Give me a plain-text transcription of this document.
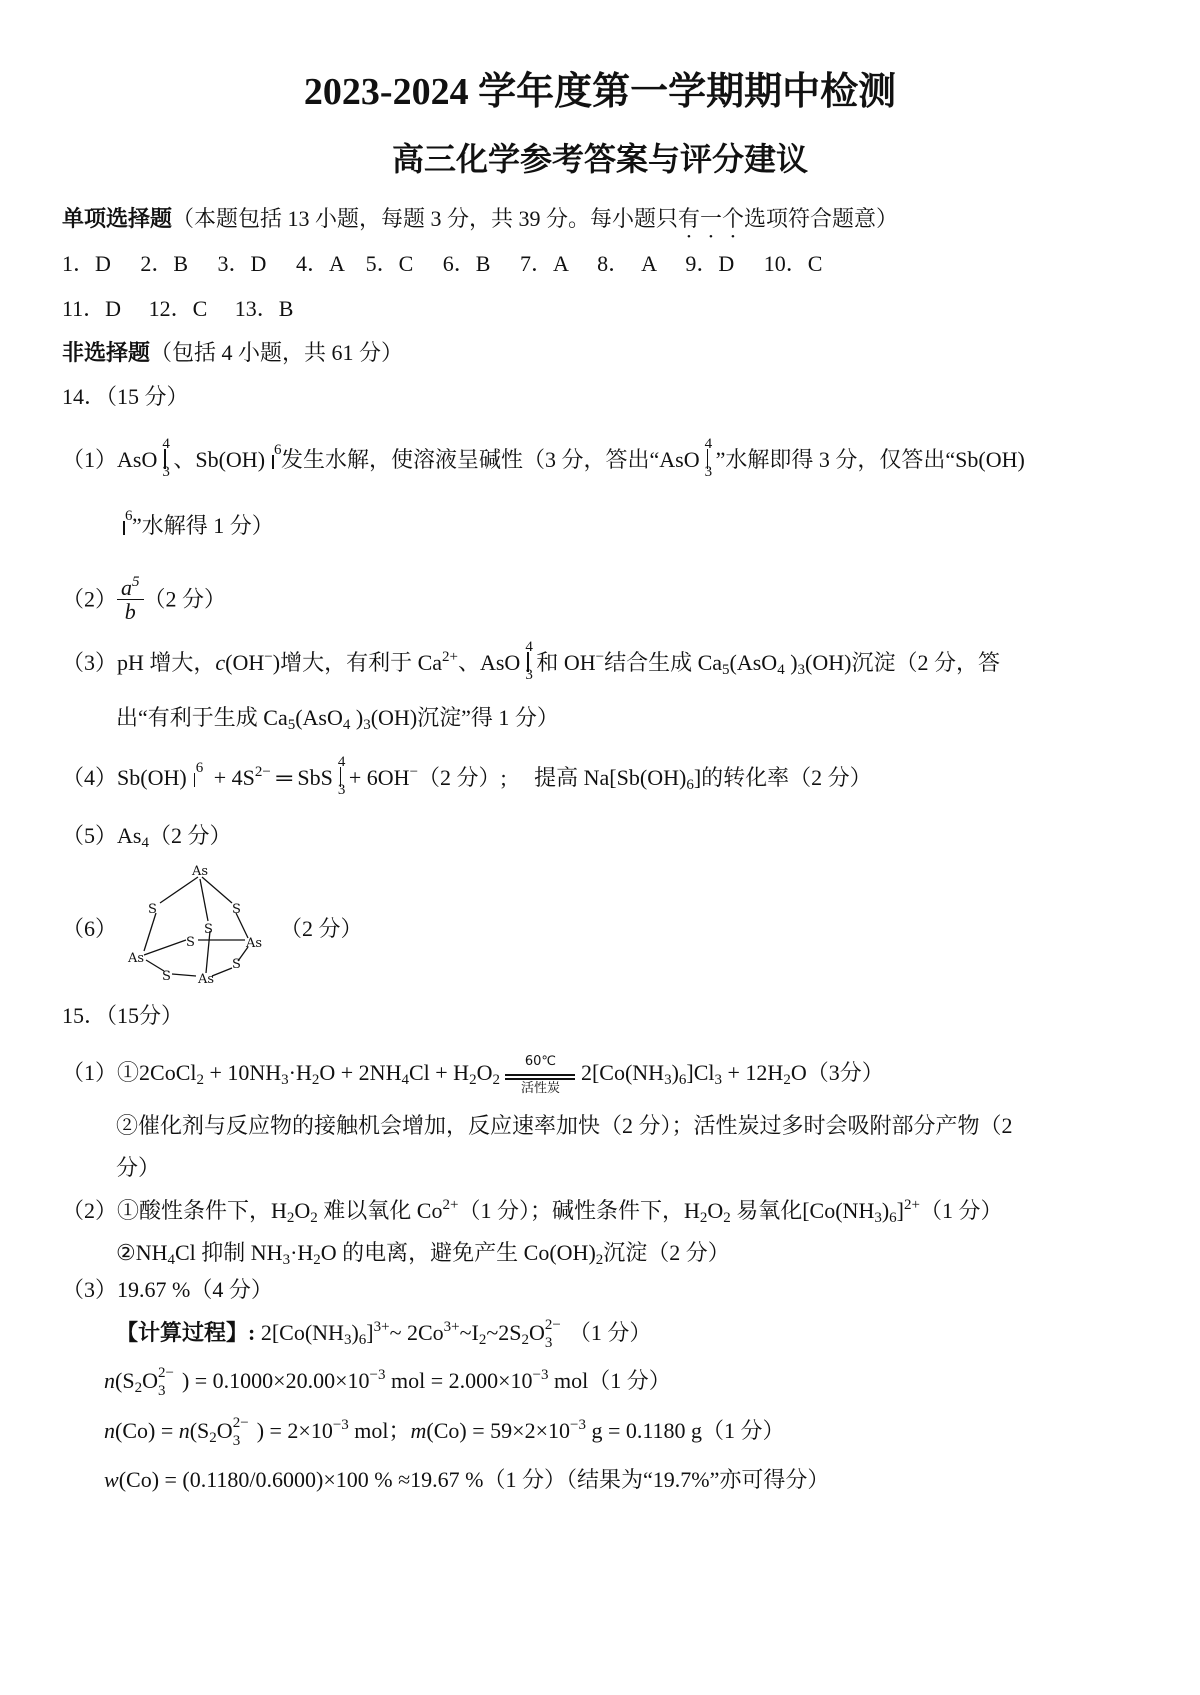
2023-2024 学年度第一学期期中检测
高三化学参考答案与评分建议
单项选择题（本题包括 13 小题，每题 3 分，共 39 分。每小题只有一个选项符合题意）
1．D　 2．B　 3．D　 4．A　5．C　 6．B　 7．A　 8．　A　 9．D　 10．C
11．D　 12．C　 13．B
非选择题（包括 4 小题，共 61 分）
14．（15 分）
（1）AsO
4
3 、Sb(OH) 6 发生水解，使溶液呈碱性（3 分，答出“AsO
4
3 ”水解即得 3 分，仅答出“Sb(OH)
6 ”水解得 1 分）
$(2) \frac{a^5}{b} (2$ 分）
（3）pH 增大，c(OH−)增大，有利于 $Ca^{2+}$、AsO
4
3 和 OH−结合生成 $Ca_5(AsO_4$ )$_3(OH)$沉淀（2 分，答
出“有利于生成 $Ca_5(AsO_4$ )$_3(OH)$沉淀”得 1 分）
（4）Sb(OH) $6 + 4S^{2-}$ ═ SbS
4
3 + 6OH−（2 分）; 提高 $Na[Sb(OH)_6]$的转化率（2 分）
$(5)As_4(2$ 分）
（6）
As
S	S
S
S	As
As	S
S As
（2 分）
15．（15分）
（1）①2CoCl$_2$ + $10NH_3\cdot H_2O + 2NH_4Cl + H_2O_2$
60℃
活性炭
$2[Co(NH_3)_6]Cl_3 + 12H_2O(3$分）
②催化剂与反应物的接触机会增加，反应速率加快（2 分）；活性炭过多时会吸附部分产物（2
分）
（2）①酸性条件下，$H_2O_2$ 难以氧化 $Co^{2+}(1$ 分）；碱性条件下，$H_2O_2$ 易氧化$[Co(NH_3)_6]^{2+}(1$ 分）
$②NH_4Cl$ 抑制 $NH_3\cdot H_2O$ 的电离，避免产生 $Co(OH)_2$沉淀（2 分）
（3）19.67 %（4 分）
【计算过程】: $2[Co(NH_3)_6]^{3+}\sim$ $2Co^{3+}\sim I_2\sim 2S_2O$ 2−
3 （1 分）
$n(S_2O$ 2−
3 ) = $0.1000\times 20.00\times 10^{-3}$ mol = $2.000\times 10^{-3}$ mol（1 分）
$n(Co) = n(S_2O$ 2−
3 ) = $2\times 10^{-3}$ mol；$m(Co) = 59\times 2\times 10^{-3}$ g = 0.1180 g（1 分）
w(Co) = (0.1180/0.6000)×100 % ≈19.67 %（1 分）（结果为“19.7%”亦可得分）
